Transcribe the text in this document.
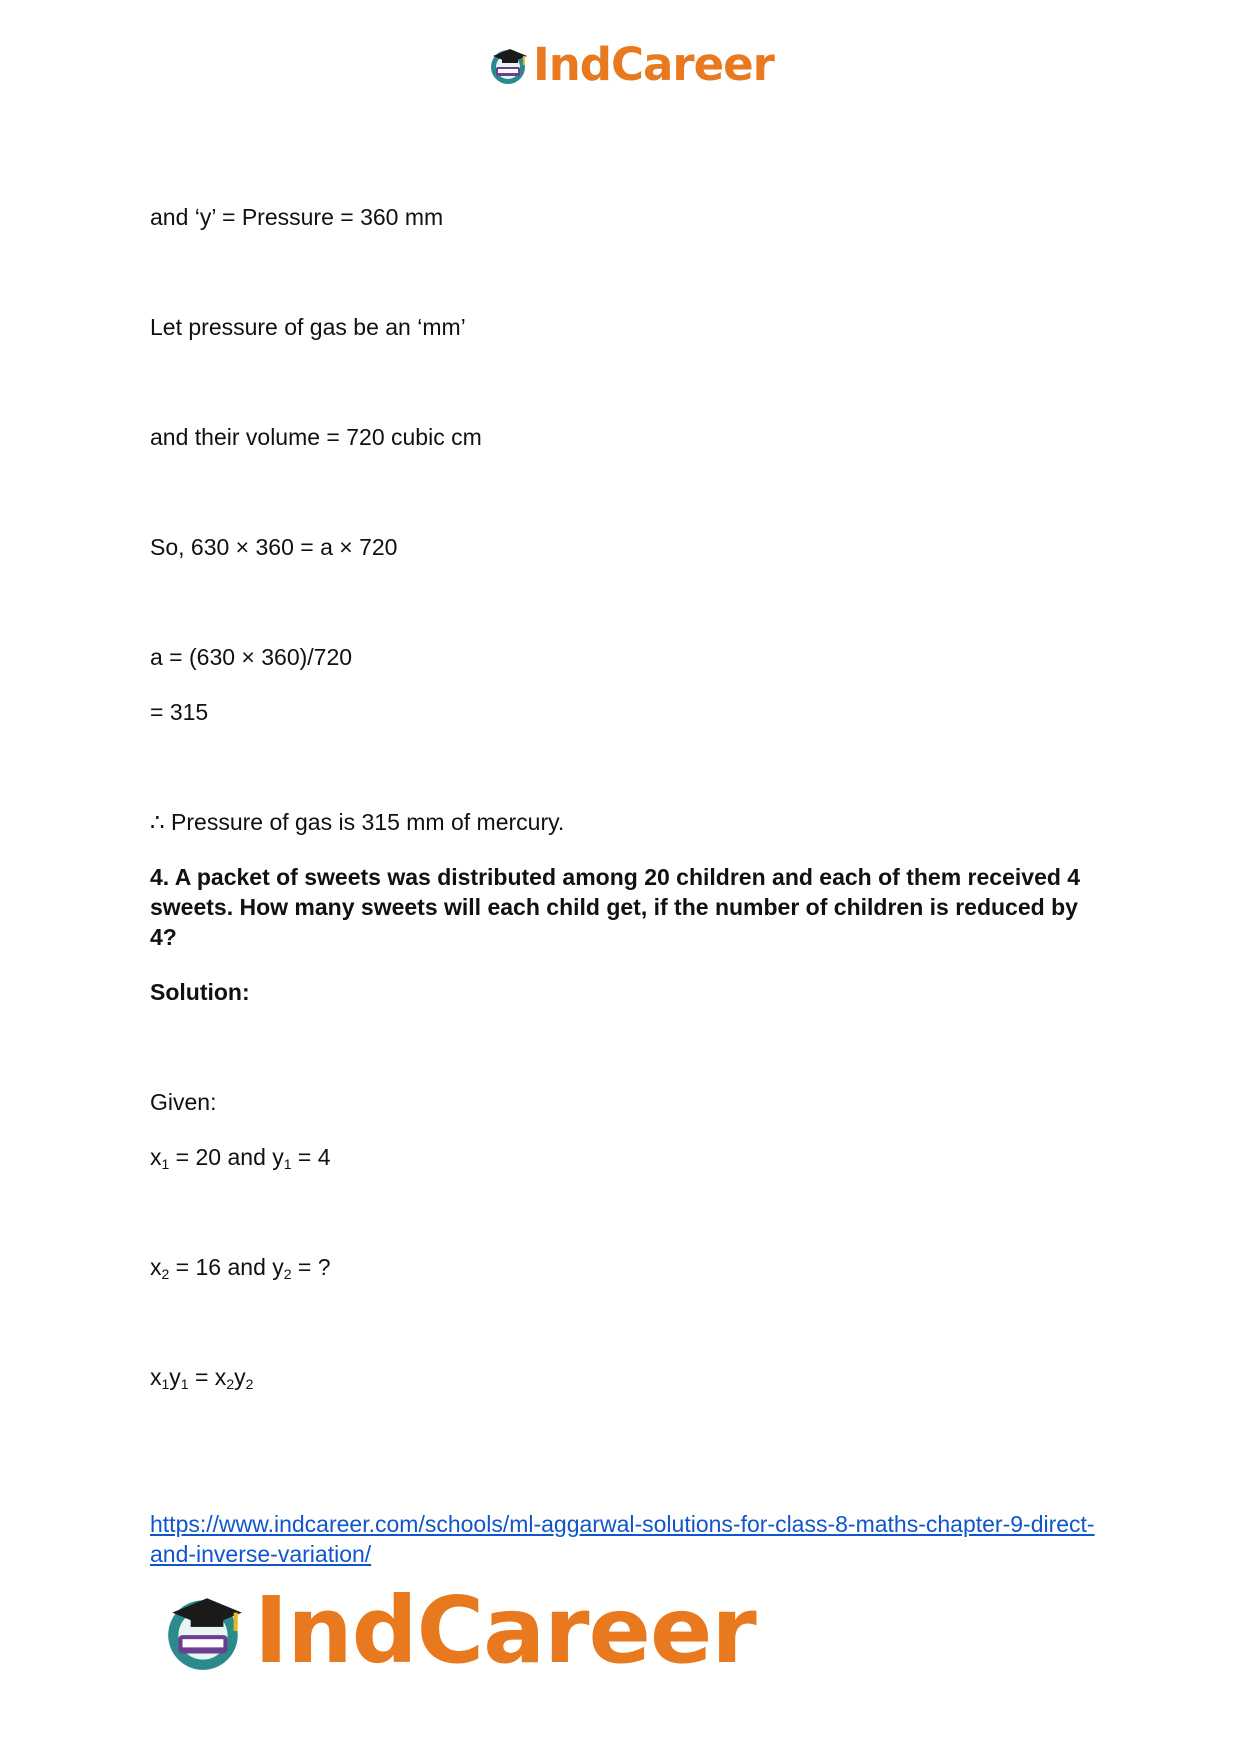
IndCareer
and ‘y’ = Pressure = 360 mm
Let pressure of gas be an ‘mm’
and their volume = 720 cubic cm
So, 630 × 360 = a × 720
a = (630 × 360)/720
= 315
∴ Pressure of gas is 315 mm of mercury.
4. A packet of sweets was distributed among 20 children and each of them received 4 sweets. How many sweets will each child get, if the number of children is reduced by 4?
Solution:
Given:
$x_1 = 20$ and $y_1 = 4$
$x_2 = 16$ and $y_2$ = ?
$x_1y_1 = x_2y_2$
https://www.indcareer.com/schools/ml-aggarwal-solutions-for-class-8-maths-chapter-9-direct-and-inverse-variation/
IndCareer
